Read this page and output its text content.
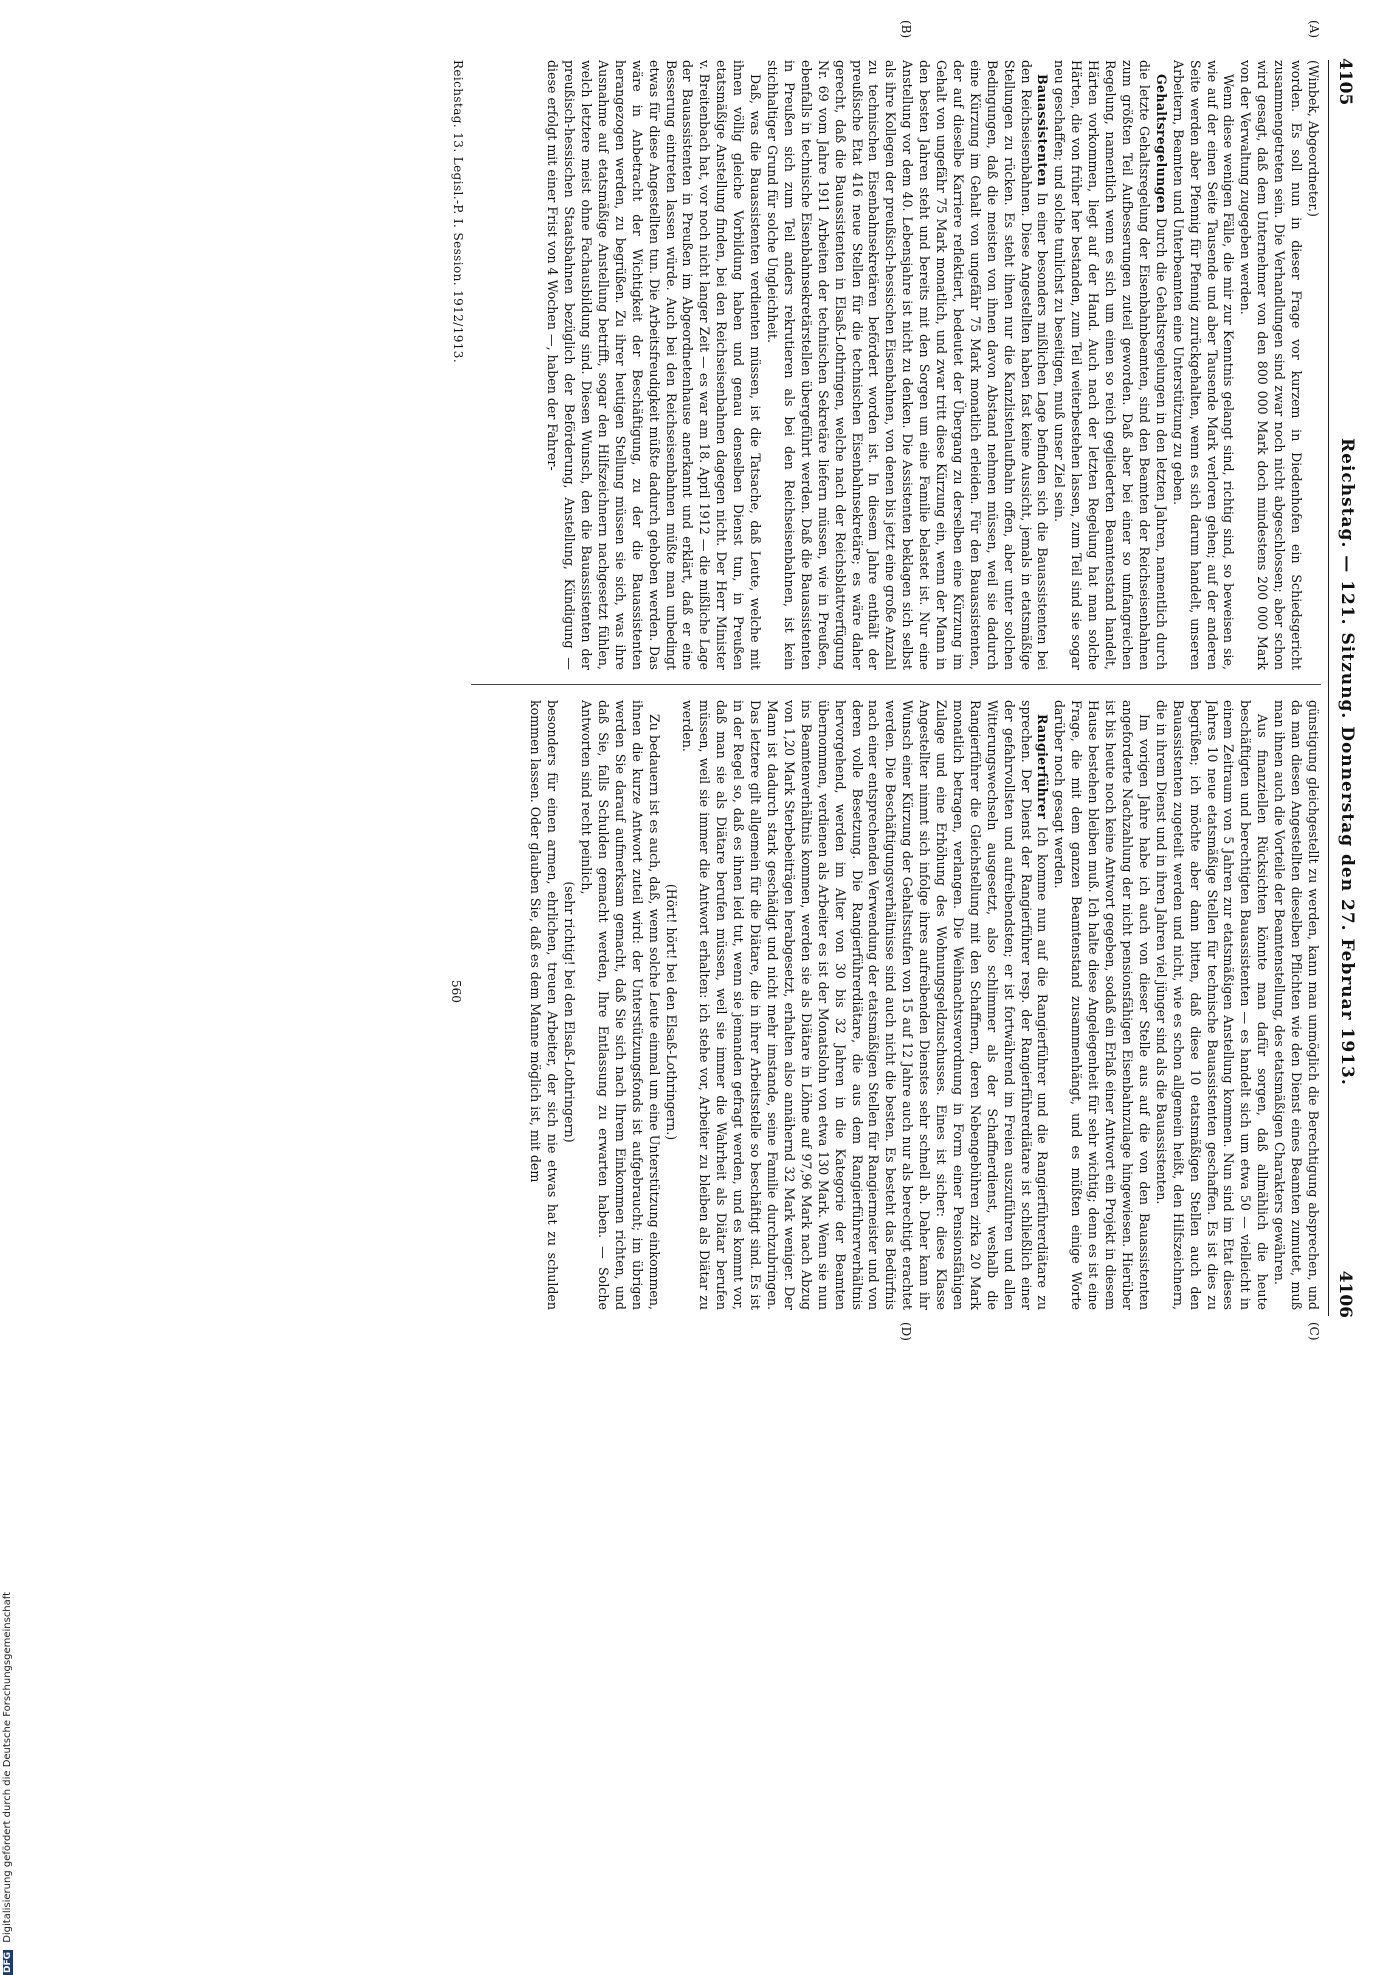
4105
Reichstag. — 121. Sitzung. Donnerstag den 27. Februar 1913.
4106
(A)
(B)
(C)
(D)

(Winbek, Abgeordneter.)

worden. Es soll nun in dieser Frage vor kurzem in Diedenhofen ein Schiedsgericht zusammengetreten sein. Die Verhandlungen sind zwar noch nicht abgeschlossen; aber schon wird gesagt, daß dem Unternehmer von den 800 000 Mark doch mindestens 200 000 Mark von der Verwaltung zugegeben werden.

Wenn diese wenigen Fälle, die mir zur Kenntnis gelangt sind, richtig sind, so beweisen sie, wie auf der einen Seite Tausende und aber Tausende Mark verloren gehen; auf der anderen Seite werden aber Pfennig für Pfennig zurückgehalten, wenn es sich darum handelt, unseren Arbeitern, Beamten und Unterbeamten eine Unterstützung zu geben.

Gehaltsregelungen Durch die Gehaltsregelungen in den letzten Jahren, namentlich durch die letzte Gehaltsregelung der Eisenbahnbeamten, sind den Beamten der Reichseisenbahnen zum größten Teil Aufbesserungen zuteil geworden. Daß aber bei einer so umfangreichen Regelung, namentlich wenn es sich um einen so reich gegliederten Beamtenstand handelt, Härten vorkommen, liegt auf der Hand. Auch nach der letzten Regelung hat man solche Härten, die von früher her bestanden, zum Teil weiterbestehen lassen, zum Teil sind sie sogar neu geschaffen; und solche tunlichst zu beseitigen, muß unser Ziel sein.

Bauassistenten In einer besonders mißlichen Lage befinden sich die Bauassistenten bei den Reichseisenbahnen. Diese Angestellten haben fast keine Aussicht, jemals in etatsmäßige Stellungen zu rücken. Es steht ihnen nur die Kanzlistenlaufbahn offen, aber unter solchen Bedingungen, daß die meisten von ihnen davon Abstand nehmen müssen, weil sie dadurch eine Kürzung im Gehalt von ungefähr 75 Mark monatlich erleiden. Für den Bauassistenten, der auf dieselbe Karriere reflektiert, bedeutet der Übergang zu derselben eine Kürzung im Gehalt von ungefähr 75 Mark monatlich, und zwar tritt diese Kürzung ein, wenn der Mann in den besten Jahren steht und bereits mit den Sorgen um eine Familie belastet ist. Nur eine Anstellung vor dem 40. Lebensjahre ist nicht zu denken. Die Assistenten beklagen sich selbst als ihre Kollegen der preußisch-hessischen Eisenbahnen, von denen bis jetzt eine große Anzahl zu technischen Eisenbahnsekretären befördert worden ist. In diesem Jahre enthält der preußische Etat 416 neue Stellen für die technischen Eisenbahnsekretäre; es wäre daher gerecht, daß die Bauassistenten in Elsaß-Lothringen, welche nach der Reichsblattverfügung Nr. 69 vom Jahre 1911 Arbeiten der technischen Sekretäre liefern müssen, wie in Preußen, ebenfalls in technische Eisenbahnsekretärstellen übergeführt werden. Daß die Bauassistenten in Preußen sich zum Teil anders rekrutieren als bei den Reichseisenbahnen, ist kein stichhaltiger Grund für solche Ungleichheit.

Daß, was die Bauassistenten verdienten müssen, ist die Tatsache, daß Leute, welche mit ihnen völlig gleiche Vorbildung haben und genau denselben Dienst tun, in Preußen etatsmäßige Anstellung finden, bei den Reichseisenbahnen dagegen nicht. Der Herr Minister v. Breitenbach hat, vor noch nicht langer Zeit — es war am 18. April 1912 — die mißliche Lage der Bauassistenten in Preußen im Abgeordnetenhause anerkannt und erklärt, daß er eine Besserung eintreten lassen würde. Auch bei den Reichseisenbahnen müßte man unbedingt etwas für diese Angestellten tun. Die Arbeitsfreudigkeit müßte dadurch gehoben werden. Das wäre in Anbetracht der Wichtigkeit der Beschäftigung, zu der die Bauassistenten herangezogen werden, zu begrüßen. Zu ihrer heutigen Stellung müssen sie sich, was ihre Ausnahme auf etatsmäßige Anstellung betrifft, sogar den Hilfszeichnern nachgesetzt fühlen, welch letztere meist ohne Fachausbildung sind. Diesen Wunsch, den die Bauassistenten der preußisch-hessischen Staatsbahnen bezüglich der Beförderung, Anstellung, Kündigung — diese erfolgt mit einer Frist von 4 Wochen —, haben der Fahrer-

günstigung gleichgestellt zu werden, kann man unmöglich die Berechtigung absprechen, und da man diesen Angestellten dieselben Pflichten wie den Dienst eines Beamten zumutet, muß man ihnen auch die Vorteile der Beamtenstellung, des etatsmäßigen Charakters gewähren.

Aus finanziellen Rücksichten könnte man dafür sorgen, daß allmählich die heute beschäftigten und berechtigten Bauassistenten — es handelt sich um etwa 50 — vielleicht in einem Zeitraum von 5 Jahren zur etatsmäßigen Anstellung kommen. Nun sind im Etat dieses Jahres 10 neue etatsmäßige Stellen für technische Bauassistenten geschaffen. Es ist dies zu begrüßen; ich möchte aber dann bitten, daß diese 10 etatsmäßigen Stellen auch den Bauassistenten zugeteilt werden und nicht, wie es schon allgemein heißt, den Hilfszeichnern, die in ihrem Dienst und in ihren Jahren viel jünger sind als die Bauassistenten.

Im vorigen Jahre habe ich auch von dieser Stelle aus auf die von den Bauassistenten angeforderte Nachzahlung der nicht pensionsfähigen Eisenbahnzulage hingewiesen. Hierüber ist bis heute noch keine Antwort gegeben, sodaß ein Erlaß einer Antwort ein Projekt in diesem Hause bestehen bleiben muß. Ich halte diese Angelegenheit für sehr wichtig; denn es ist eine Frage, die mit dem ganzen Beamtenstand zusammenhängt, und es müßten einige Worte darüber noch gesagt werden.

Rangierführer Ich komme nun auf die Rangierführer und die Rangierführerdiätare zu sprechen. Der Dienst der Rangierführer resp. der Rangierführerdiätare ist schließlich einer der gefahrvollsten und aufreibendsten; er ist fortwährend im Freien auszuführen und allen Witterungswechseln ausgesetzt, also schlimmer als der Schaffnerdienst, weshalb die Rangierführer die Gleichstellung mit den Schaffnern, deren Nebengebühren zirka 20 Mark monatlich betragen, verlangen. Die Weihnachtsverordnung in Form einer Pensionsfähigen Zulage und eine Erhöhung des Wohnungsgeldzuschusses. Eines ist sicher: diese Klasse Angestellter nimmt sich infolge ihres aufreibenden Dienstes sehr schnell ab. Daher kann ihr Wunsch einer Kürzung der Gehaltsstufen von 15 auf 12 Jahre auch nur als berechtigt erachtet werden. Die Beschäftigungsverhältnisse sind auch nicht die besten. Es besteht das Bedürfnis nach einer entsprechenden Verwendung der etatsmäßigen Stellen für Rangiermeister und von deren volle Besetzung. Die Rangierführerdiätare, die aus dem Rangierführerverhältnis hervorgehend, werden im Alter von 30 bis 32 Jahren in die Kategorie der Beamten übernommen, verdienen als Arbeiter es ist der Monatslohn von etwa 130 Mark. Wenn sie nun ins Beamtenverhältnis kommen, werden sie als Diätare in Löhne auf 97,96 Mark nach Abzug von 1,20 Mark Sterbebeiträgen herabgesetzt, erhalten also annähernd 32 Mark weniger. Der Mann ist dadurch stark geschädigt und nicht mehr imstande, seine Familie durchzubringen. Das letztere gilt allgemein für die Diätare, die in ihrer Arbeitsstelle so beschäftigt sind. Es ist in der Regel so, daß es ihnen leid tut, wenn sie jemanden gefragt werden, und es kommt vor, daß man sie als Diätare berufen müssen, weil sie immer die Wahrheit als Diätar berufen müssen, weil sie immer die Antwort erhalten: ich stehe vor, Arbeiter zu bleiben als Diätar zu werden.

(Hört! hört! bei den Elsaß-Lothringern.)

Zu bedauern ist es auch, daß, wenn solche Leute einmal um eine Unterstützung einkommen, ihnen die kurze Antwort zuteil wird: der Unterstützungsfonds ist aufgebraucht; im übrigen werden Sie darauf aufmerksam gemacht, daß Sie sich nach Ihrem Einkommen richten, und daß Sie, falls Schulden gemacht werden, Ihre Entlassung zu erwarten haben. — Solche Antworten sind recht peinlich,

(sehr richtig! bei den Elsaß-Lothringern)

besonders für einen armen, ehrlichen, treuen Arbeiter, der sich nie etwas hat zu schulden kommen lassen. Oder glauben Sie, daß es dem Manne möglich ist, mit dem

Reichstag. 13. Legisl.-P. I. Session. 1912/1913.
560
DFG Digitalisierung gefördert durch die Deutsche Forschungsgemeinschaft
